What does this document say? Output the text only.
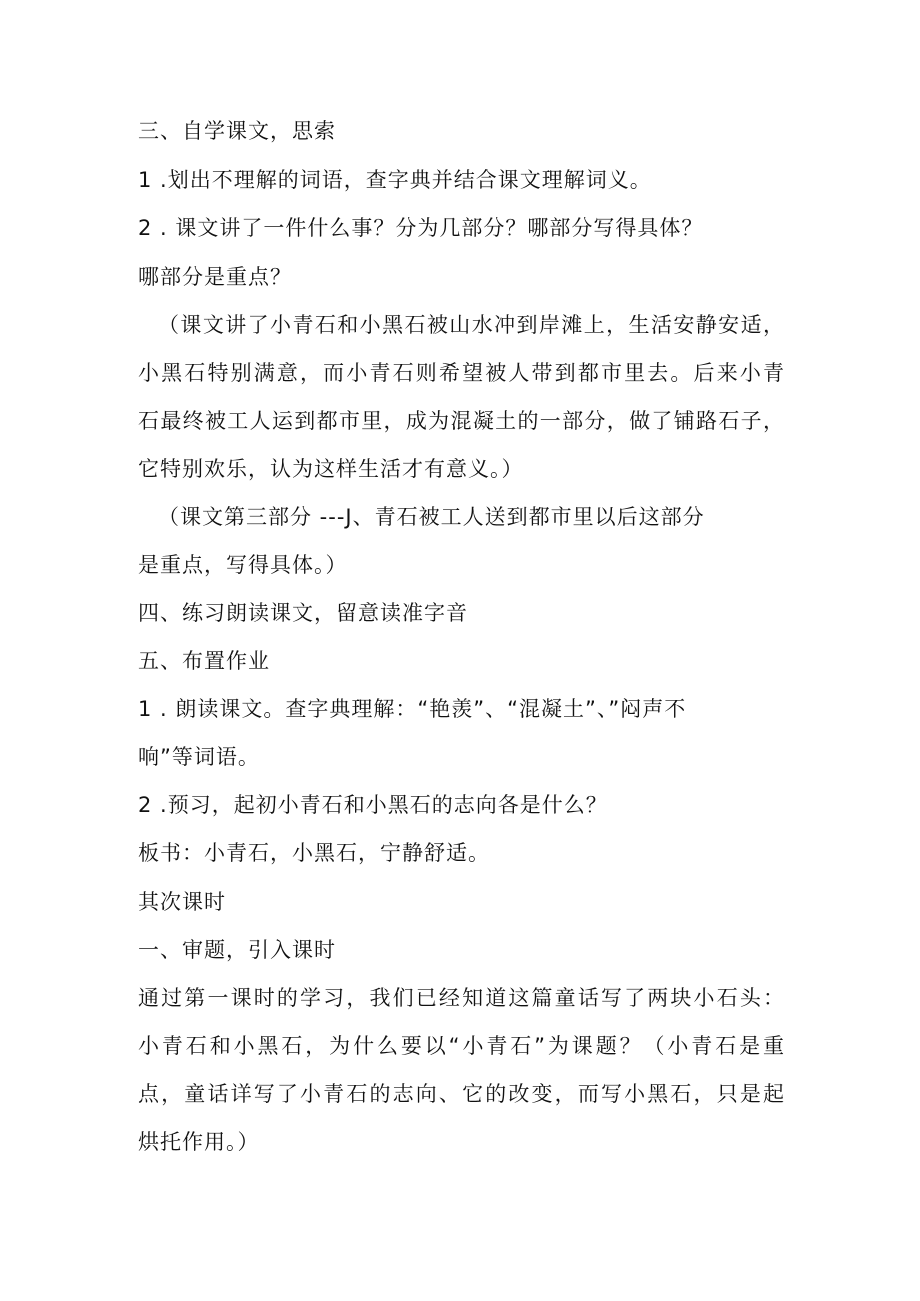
三、自学课文，思索
1 .划出不理解的词语，查字典并结合课文理解词义。
2 . 课文讲了一件什么事？分为几部分？哪部分写得具体？
哪部分是重点？
（课文讲了小青石和小黑石被山水冲到岸滩上，生活安静安适，
小黑石特别满意，而小青石则希望被人带到都市里去。后来小青
石最终被工人运到都市里，成为混凝土的一部分，做了铺路石子，
它特别欢乐，认为这样生活才有意义。）
（课文第三部分 ---J、青石被工人送到都市里以后这部分
是重点，写得具体。）
四、练习朗读课文，留意读准字音
五、布置作业
1 . 朗读课文。查字典理解：“艳羡”、“混凝土”、”闷声不
响”等词语。
2 .预习，起初小青石和小黑石的志向各是什么？
板书：小青石，小黑石，宁静舒适。
其次课时
一、审题，引入课时
通过第一课时的学习，我们已经知道这篇童话写了两块小石头：
小青石和小黑石，为什么要以“小青石”为课题？（小青石是重
点，童话详写了小青石的志向、它的改变，而写小黑石，只是起
烘托作用。）
